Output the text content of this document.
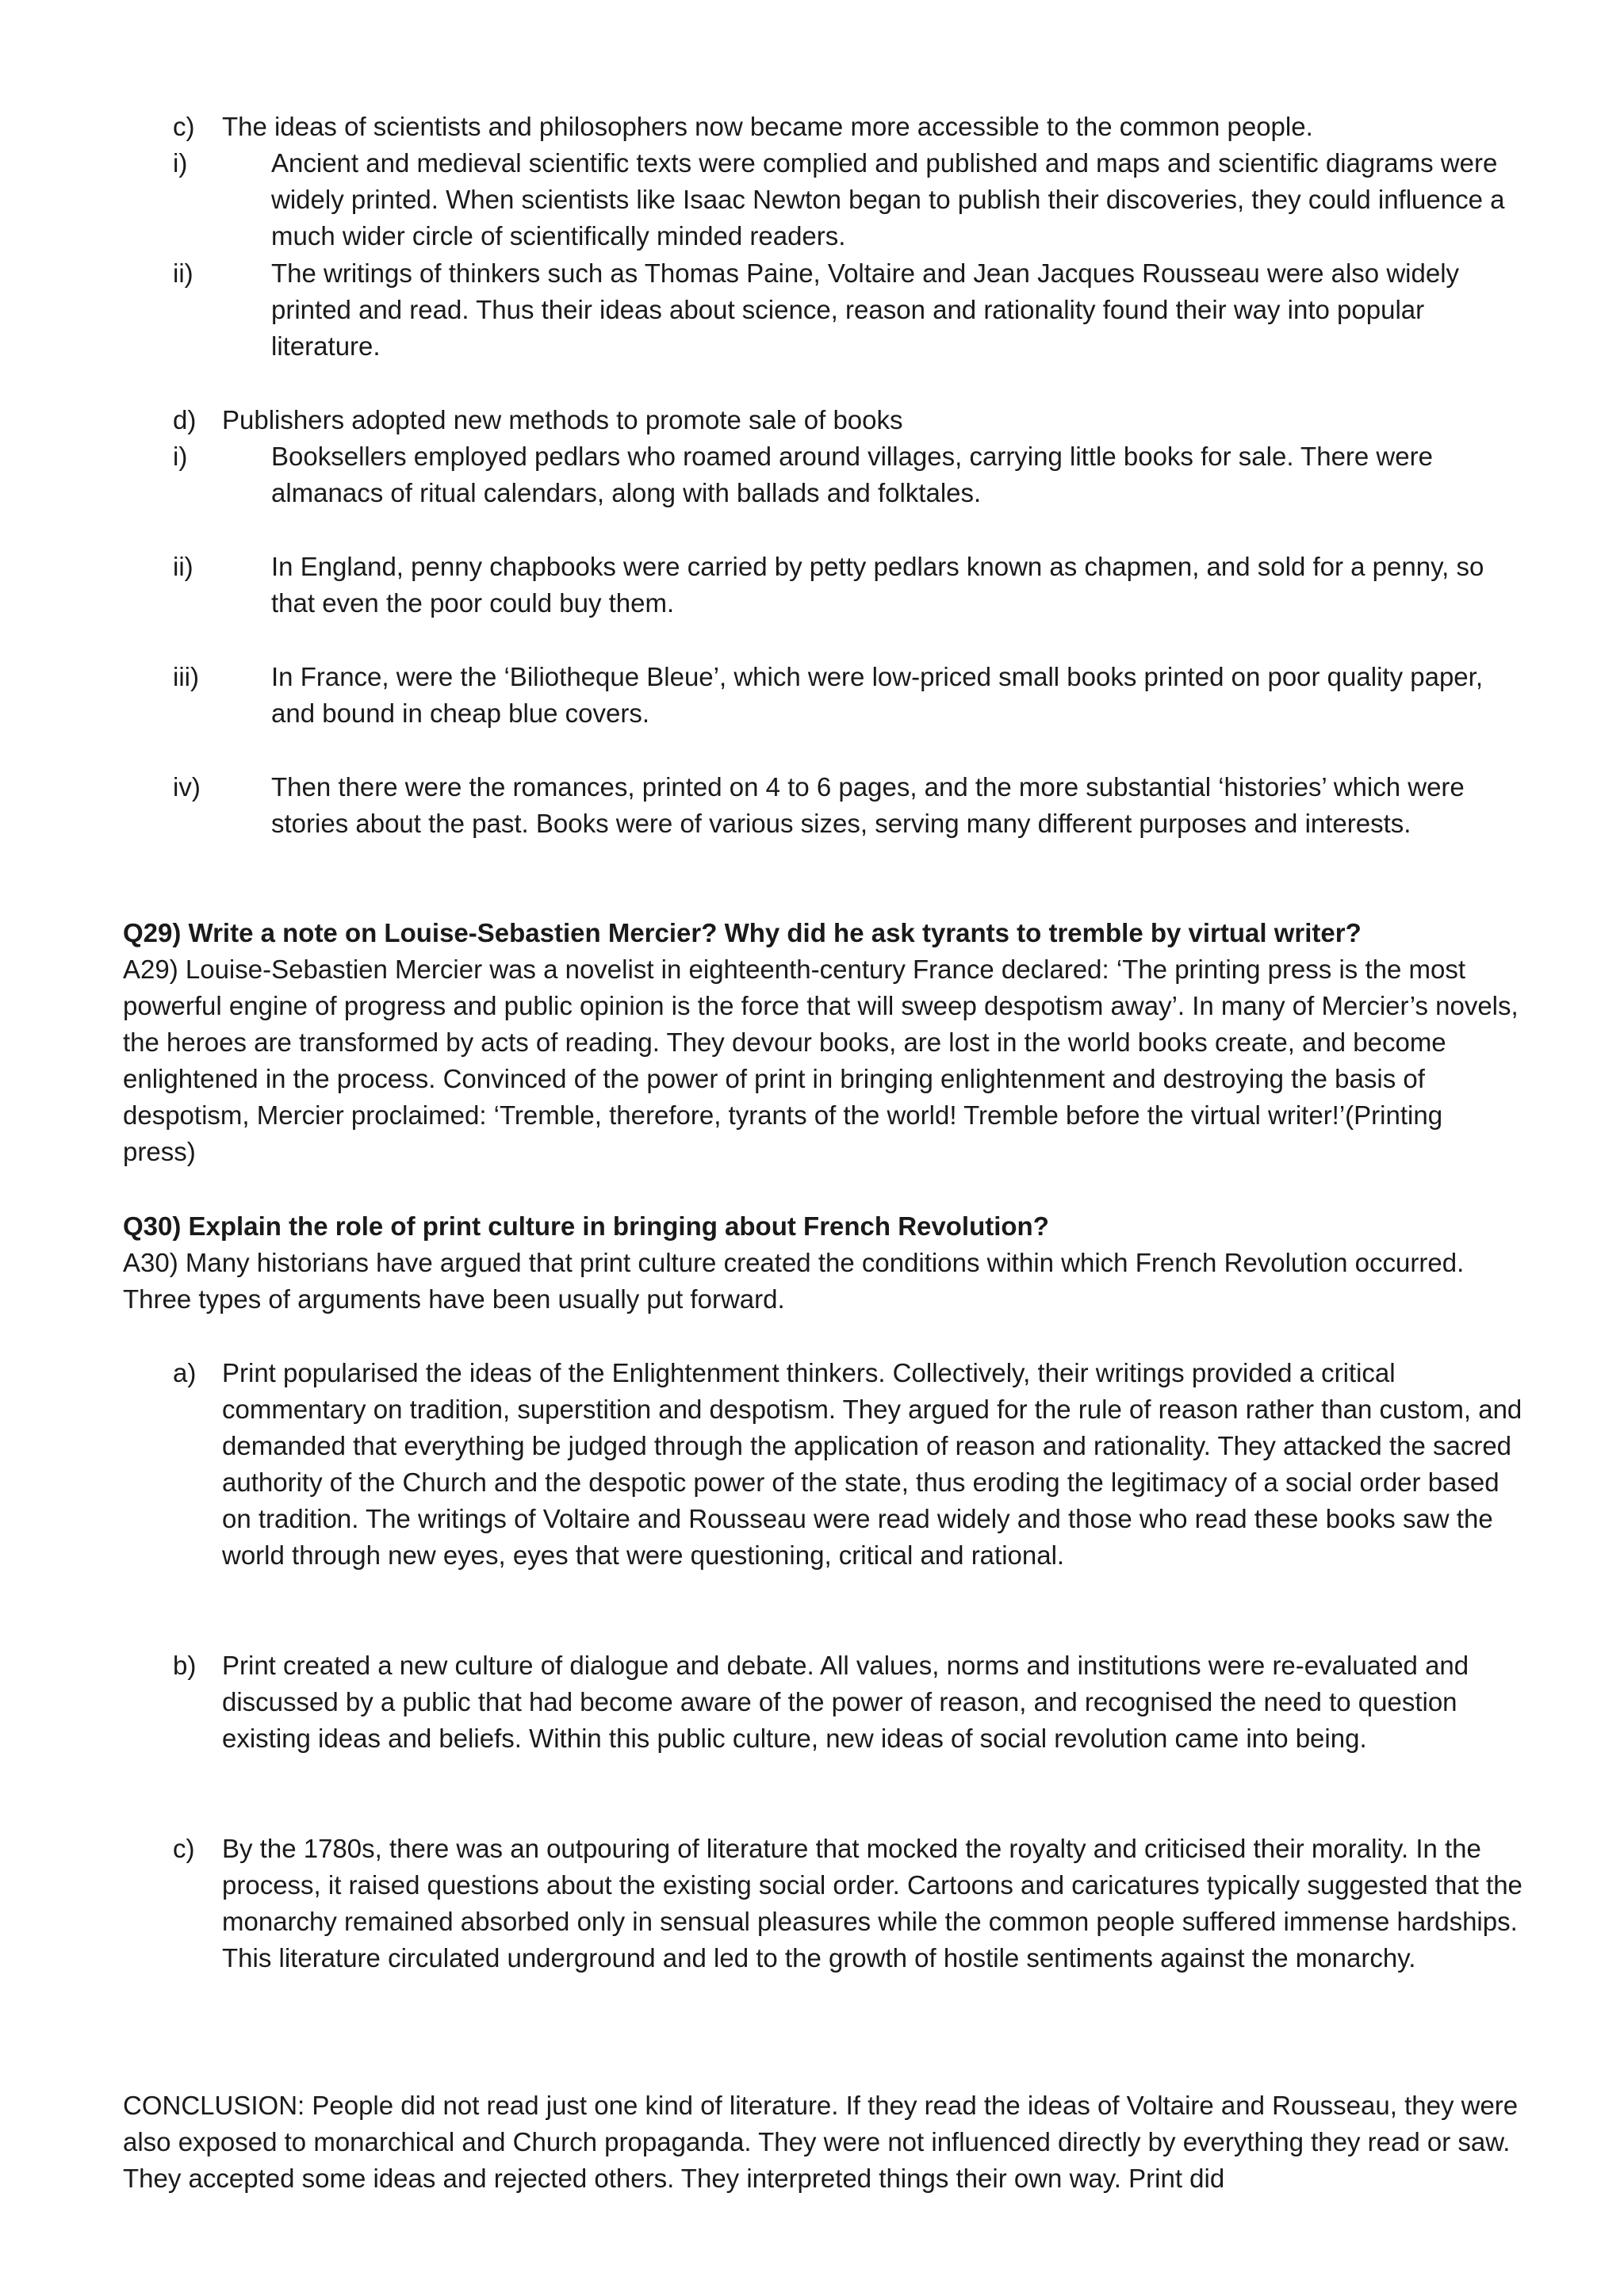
c) The ideas of scientists and philosophers now became more accessible to the common people.
i)	Ancient and medieval scientific texts were complied and published and maps and scientific diagrams were widely printed. When scientists like Isaac Newton began to publish their discoveries, they could influence a much wider circle of scientifically minded readers.

ii)	The writings of thinkers such as Thomas Paine, Voltaire and Jean Jacques Rousseau were also widely printed and read. Thus their ideas about science, reason and rationality found their way into popular literature.

d) Publishers adopted new methods to promote sale of books
i)	Booksellers employed pedlars who roamed around villages, carrying little books for sale. There were almanacs of ritual calendars, along with ballads and folktales.

ii)	In England, penny chapbooks were carried by petty pedlars known as chapmen, and sold for a penny, so that even the poor could buy them.

iii)	In France, were the ‘Biliotheque Bleue’, which were low-priced small books printed on poor quality paper, and bound in cheap blue covers.

iv)	Then there were the romances, printed on 4 to 6 pages, and the more substantial ‘histories’ which were stories about the past. Books were of various sizes, serving many different purposes and interests.

Q29) Write a note on Louise-Sebastien Mercier? Why did he ask tyrants to tremble by virtual writer?

A29) Louise-Sebastien Mercier was a novelist in eighteenth-century France declared: ‘The printing press is the most powerful engine of progress and public opinion is the force that will sweep despotism away’. In many of Mercier’s novels, the heroes are transformed by acts of reading. They devour books, are lost in the world books create, and become enlightened in the process. Convinced of the power of print in bringing enlightenment and destroying the basis of despotism, Mercier proclaimed: ‘Tremble, therefore, tyrants of the world! Tremble before the virtual writer!’(Printing press)

Q30) Explain the role of print culture in bringing about French Revolution?

A30) Many historians have argued that print culture created the conditions within which French Revolution occurred. Three types of arguments have been usually put forward.

a) Print popularised the ideas of the Enlightenment thinkers. Collectively, their writings provided a critical commentary on tradition, superstition and despotism. They argued for the rule of reason rather than custom, and demanded that everything be judged through the application of reason and rationality. They attacked the sacred authority of the Church and the despotic power of the state, thus eroding the legitimacy of a social order based on tradition. The writings of Voltaire and Rousseau were read widely and those who read these books saw the world through new eyes, eyes that were questioning, critical and rational.

b) Print created a new culture of dialogue and debate. All values, norms and institutions were re-evaluated and discussed by a public that had become aware of the power of reason, and recognised the need to question existing ideas and beliefs. Within this public culture, new ideas of social revolution came into being.

c) By the 1780s, there was an outpouring of literature that mocked the royalty and criticised their morality. In the process, it raised questions about the existing social order. Cartoons and caricatures typically suggested that the monarchy remained absorbed only in sensual pleasures while the common people suffered immense hardships. This literature circulated underground and led to the growth of hostile sentiments against the monarchy.

CONCLUSION: People did not read just one kind of literature. If they read the ideas of Voltaire and Rousseau, they were also exposed to monarchical and Church propaganda. They were not influenced directly by everything they read or saw. They accepted some ideas and rejected others. They interpreted things their own way. Print did
